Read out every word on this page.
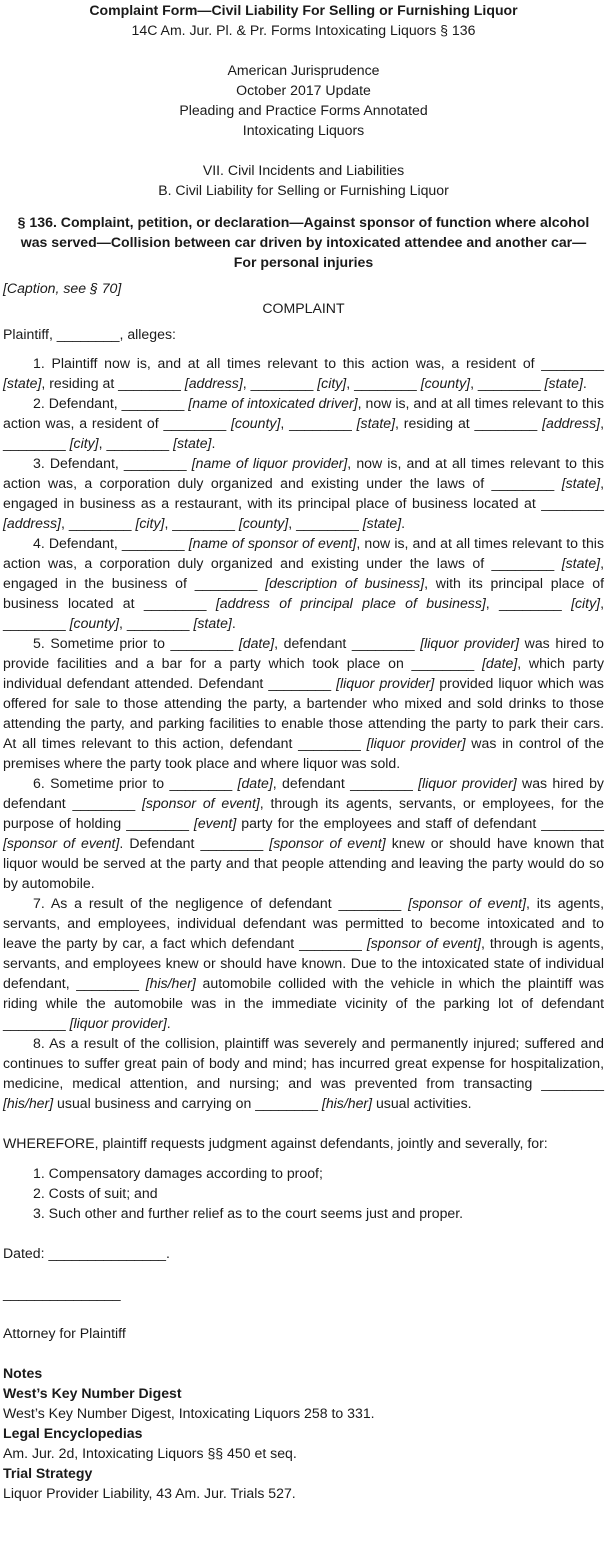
Complaint Form—Civil Liability For Selling or Furnishing Liquor

14C Am. Jur. Pl. & Pr. Forms Intoxicating Liquors § 136

American Jurisprudence

October 2017 Update

Pleading and Practice Forms Annotated

Intoxicating Liquors

VII. Civil Incidents and Liabilities

B. Civil Liability for Selling or Furnishing Liquor

§ 136. Complaint, petition, or declaration—Against sponsor of function where alcohol was served—Collision between car driven by intoxicated attendee and another car—For personal injuries

[Caption, see § 70]

COMPLAINT

Plaintiff, ________, alleges:

1. Plaintiff now is, and at all times relevant to this action was, a resident of ________ [state], residing at ________ [address], ________ [city], ________ [county], ________ [state].

2. Defendant, ________ [name of intoxicated driver], now is, and at all times relevant to this action was, a resident of ________ [county], ________ [state], residing at ________ [address], ________ [city], ________ [state].

3. Defendant, ________ [name of liquor provider], now is, and at all times relevant to this action was, a corporation duly organized and existing under the laws of ________ [state], engaged in business as a restaurant, with its principal place of business located at ________ [address], ________ [city], ________ [county], ________ [state].

4. Defendant, ________ [name of sponsor of event], now is, and at all times relevant to this action was, a corporation duly organized and existing under the laws of ________ [state], engaged in the business of ________ [description of business], with its principal place of business located at ________ [address of principal place of business], ________ [city], ________ [county], ________ [state].

5. Sometime prior to ________ [date], defendant ________ [liquor provider] was hired to provide facilities and a bar for a party which took place on ________ [date], which party individual defendant attended. Defendant ________ [liquor provider] provided liquor which was offered for sale to those attending the party, a bartender who mixed and sold drinks to those attending the party, and parking facilities to enable those attending the party to park their cars. At all times relevant to this action, defendant ________ [liquor provider] was in control of the premises where the party took place and where liquor was sold.

6. Sometime prior to ________ [date], defendant ________ [liquor provider] was hired by defendant ________ [sponsor of event], through its agents, servants, or employees, for the purpose of holding ________ [event] party for the employees and staff of defendant ________ [sponsor of event]. Defendant ________ [sponsor of event] knew or should have known that liquor would be served at the party and that people attending and leaving the party would do so by automobile.

7. As a result of the negligence of defendant ________ [sponsor of event], its agents, servants, and employees, individual defendant was permitted to become intoxicated and to leave the party by car, a fact which defendant ________ [sponsor of event], through is agents, servants, and employees knew or should have known. Due to the intoxicated state of individual defendant, ________ [his/her] automobile collided with the vehicle in which the plaintiff was riding while the automobile was in the immediate vicinity of the parking lot of defendant ________ [liquor provider].

8. As a result of the collision, plaintiff was severely and permanently injured; suffered and continues to suffer great pain of body and mind; has incurred great expense for hospitalization, medicine, medical attention, and nursing; and was prevented from transacting ________ [his/her] usual business and carrying on ________ [his/her] usual activities.

WHEREFORE, plaintiff requests judgment against defendants, jointly and severally, for:

1. Compensatory damages according to proof;

2. Costs of suit; and

3. Such other and further relief as to the court seems just and proper.

Dated: _______________.

_______________

Attorney for Plaintiff

Notes

West’s Key Number Digest

West’s Key Number Digest, Intoxicating Liquors 258 to 331.

Legal Encyclopedias

Am. Jur. 2d, Intoxicating Liquors §§ 450 et seq.

Trial Strategy

Liquor Provider Liability, 43 Am. Jur. Trials 527.
